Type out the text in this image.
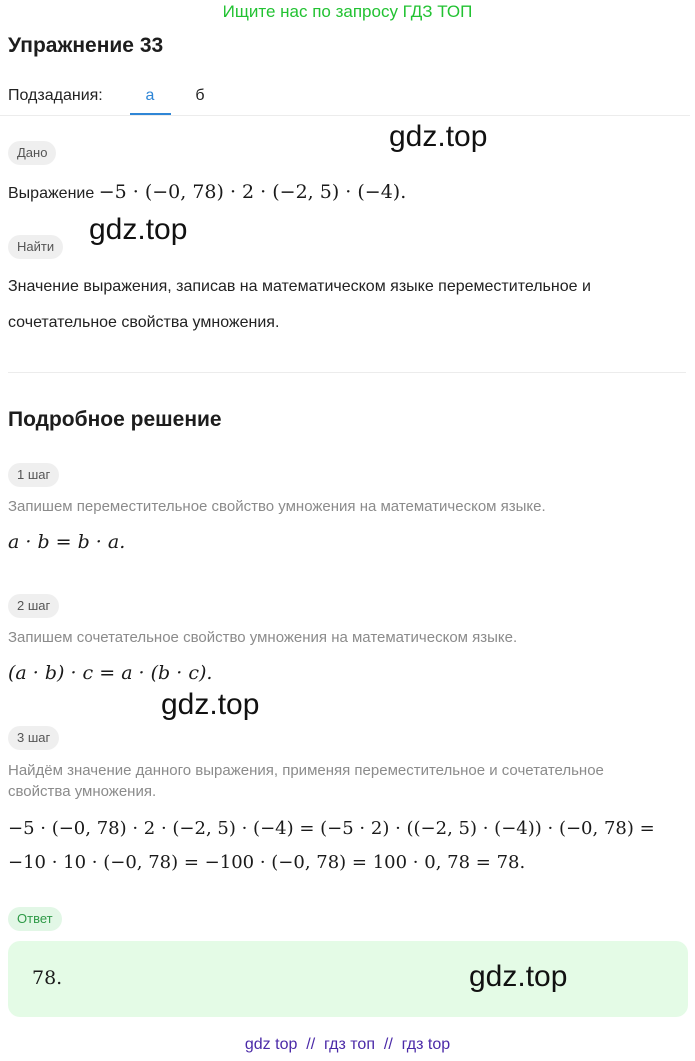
Ищите нас по запросу ГДЗ ТОП
Упражнение 33
Подзадания:	а	б
Дано
Выражение −5 · (−0, 78) · 2 · (−2, 5) · (−4).
Найти
Значение выражения, записав на математическом языке переместительное и
сочетательное свойства умножения.
Подробное решение
1 шаг
Запишем переместительное свойство умножения на математическом языке.
a · b = b · a.
2 шаг
Запишем сочетательное свойство умножения на математическом языке.
(a · b) · c = a · (b · c).
3 шаг
Найдём значение данного выражения, применяя переместительное и сочетательное
свойства умножения.
−5 · (−0, 78) · 2 · (−2, 5) · (−4) = (−5 · 2) · ((−2, 5) · (−4)) · (−0, 78) =
−10 · 10 · (−0, 78) = −100 · (−0, 78) = 100 · 0, 78 = 78.
Ответ
78.
gdz.top
gdz.top
gdz.top
gdz.top
gdz top  //  гдз топ  //  гдз top
